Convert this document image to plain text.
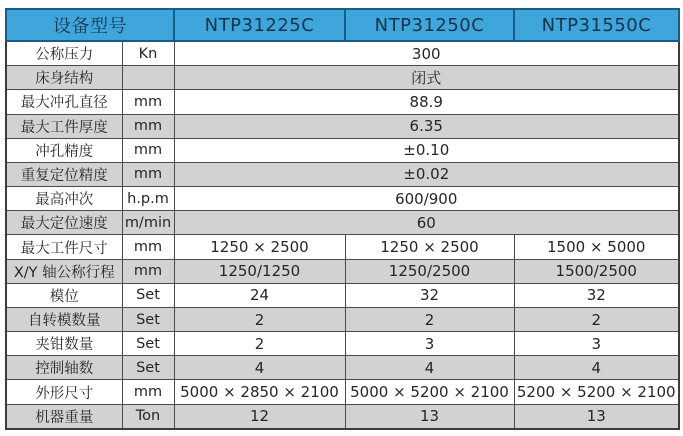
设备型号		NTP31225C	NTP31250C	NTP31550C
公称压力	Kn	300		
床身结构		闭式		
最大冲孔直径	mm	88.9		
最大工件厚度	mm	6.35		
冲孔精度	mm	±0.10		
重复定位精度	mm	±0.02		
最高冲次	h.p.m	600/900		
最大定位速度	m/min	60		
最大工件尺寸	mm	1250 × 2500	1250 × 2500	1500 × 5000
X/Y 轴公称行程	mm	1250/1250	1250/2500	1500/2500
模位	Set	24	32	32
自转模数量	Set	2	2	2
夹钳数量	Set	2	3	3
控制轴数	Set	4	4	4
外形尺寸	mm	5000 × 2850 × 2100	5000 × 5200 × 2100	5200 × 5200 × 2100
机器重量	Ton	12	13	13
